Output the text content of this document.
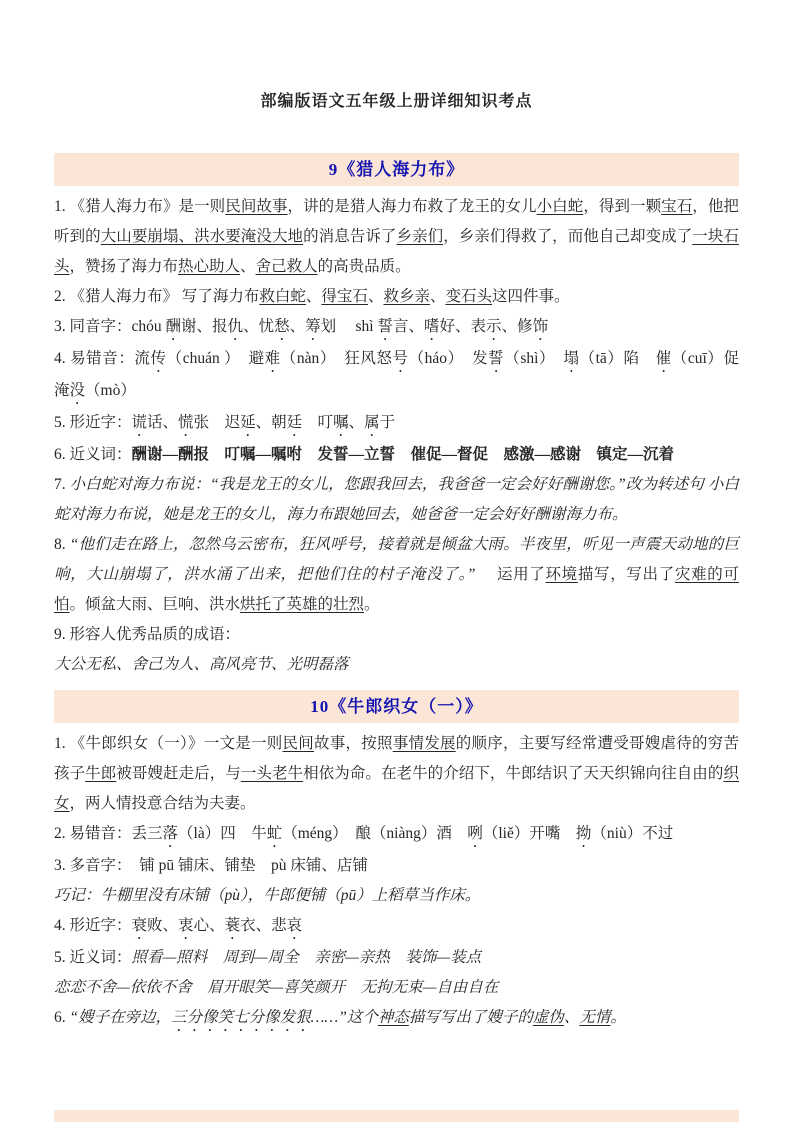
部编版语文五年级上册详细知识考点
9《猎人海力布》

1. 《猎人海力布》是一则民间故事，讲的是猎人海力布救了龙王的女儿小白蛇，得到一颗宝石，他把听到的大山要崩塌、洪水要淹没大地的消息告诉了乡亲们，乡亲们得救了，而他自己却变成了一块石头，赞扬了海力布热心助人、舍己救人的高贵品质。

2. 《猎人海力布》 写了海力布救白蛇、得宝石、救乡亲、变石头这四件事。

3. 同音字：chóu 酬谢、报仇、忧愁、筹划　 shì 誓言、嗜好、表示、修饰

4. 易错音：流传（chuán ）　避难（nàn）　狂风怒号（háo）　发誓（shì）　塌（tā）陷　催（cuī）促　淹没（mò）

5. 形近字：谎话、慌张　迟延、朝廷　叮嘱、属于

6. 近义词：酬谢—酬报　叮嘱—嘱咐　发誓—立誓　催促—督促　感激—感谢　镇定—沉着

7. 小白蛇对海力布说：“我是龙王的女儿，您跟我回去，我爸爸一定会好好酬谢您。”改为转述句 小白蛇对海力布说，她是龙王的女儿，海力布跟她回去，她爸爸一定会好好酬谢海力布。

8. “他们走在路上，忽然乌云密布，狂风呼号，接着就是倾盆大雨。半夜里，听见一声震天动地的巨响，大山崩塌了，洪水涌了出来，把他们住的村子淹没了。”　 运用了环境描写，写出了灾难的可怕。倾盆大雨、巨响、洪水烘托了英雄的壮烈。

9. 形容人优秀品质的成语：

大公无私、舍己为人、高风亮节、光明磊落

10《牛郎织女（一）》

1. 《牛郎织女（一）》一文是一则民间故事，按照事情发展的顺序，主要写经常遭受哥嫂虐待的穷苦孩子牛郎被哥嫂赶走后，与一头老牛相依为命。在老牛的介绍下，牛郎结识了天天织锦向往自由的织女，两人情投意合结为夫妻。

2. 易错音：丢三落（là）四　牛虻（méng）　酿（niàng）酒　咧（liě）开嘴　拗（niù）不过

3. 多音字：　铺 pū 铺床、铺垫　pù 床铺、店铺

巧记：牛棚里没有床铺（pù），牛郎便铺（pū）上稻草当作床。

4. 形近字：衰败、衷心、蓑衣、悲哀

5. 近义词：照看—照料　周到—周全　亲密—亲热　装饰—装点

恋恋不舍—依依不舍　眉开眼笑—喜笑颜开　无拘无束—自由自在

6. “嫂子在旁边，三分像笑七分像发狠……”这个神态描写写出了嫂子的虚伪、无情。
